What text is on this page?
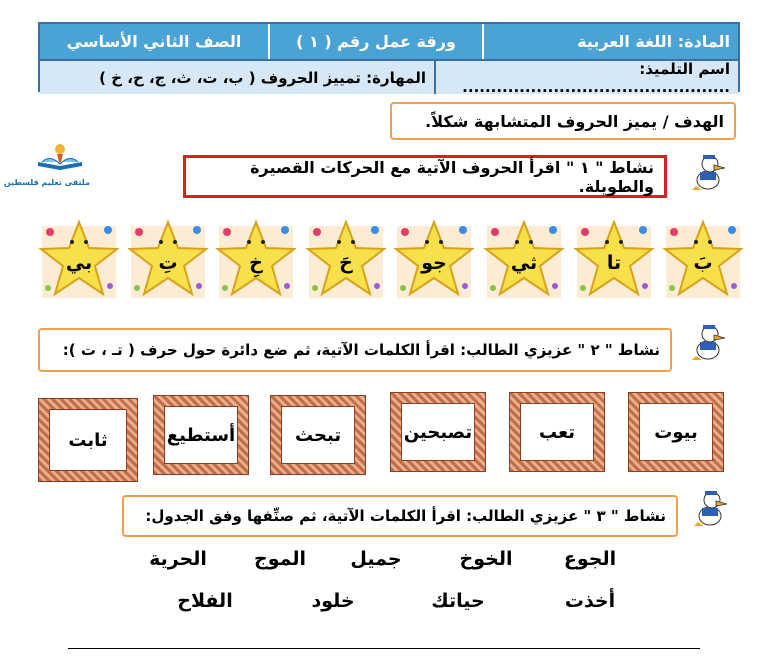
المادة: اللغة العربية
ورقة عمل رقم ( ١ )
الصف الثاني الأساسي
اسم التلميذ: ...............................................
المهارة: تمييز الحروف ( ب، ت، ث، ج، ح، خ )
الهدف / يميز الحروف المتشابهة شكلاً.
ملتقى تعليم فلسطين
نشاط " ١ " اقرأ الحروف الآتية مع الحركات القصيرة والطويلة.
بَ
تا
ثي
جو
حَ
خِ
تِ
بي
نشاط " ٢ " عزيزي الطالب: اقرأ الكلمات الآتية، ثم ضع دائرة حول حرف ( تـ ، ت ):
بيوت
تعب
تصبحين
تبحث
أستطيع
ثابت
نشاط " ٣ " عزيزي الطالب: اقرأ الكلمات الآتية، ثم صنِّفها وفق الجدول:
الجوع
الخوخ
جميل
الموج
الحرية
أخذت
حياتك
خلود
الفلاح
